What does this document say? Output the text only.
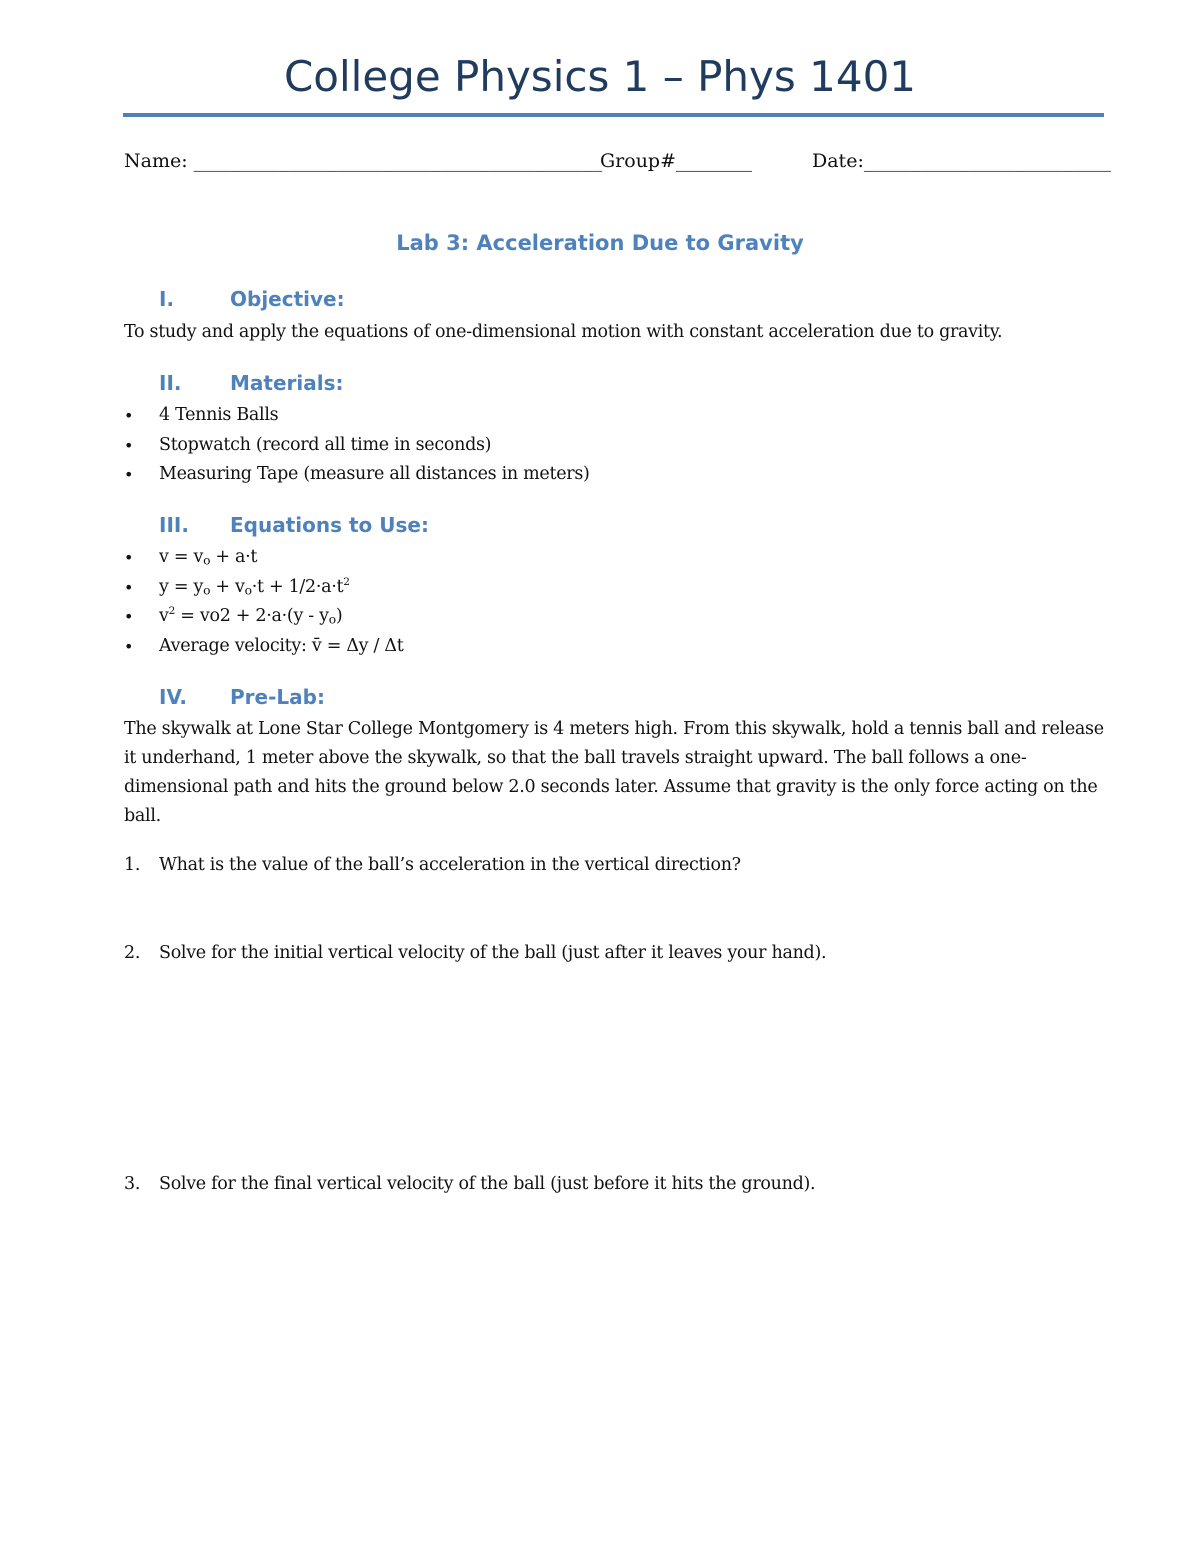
College Physics 1 – Phys 1401
Name: ___________________________________________
Group#________	Date:__________________________
Lab 3: Acceleration Due to Gravity
I.	Objective:

To study and apply the equations of one-dimensional motion with constant acceleration due to gravity.

II. Materials:
• 4 Tennis Balls
• Stopwatch (record all time in seconds)
• Measuring Tape (measure all distances in meters)
III. Equations to Use:
• $v = v_o + a\cdot t$
• $y = y_o + v_o\cdot t + 1/2\cdot a\cdot t^2$
• $v^2 = vo2 + 2\cdot a\cdot(y - y_o)$
• Average velocity: v̄ = Δy / Δt
IV. Pre-Lab:

The skywalk at Lone Star College Montgomery is 4 meters high. From this skywalk, hold a tennis ball and release it underhand, 1 meter above the skywalk, so that the ball travels straight upward. The ball follows a one-dimensional path and hits the ground below 2.0 seconds later. Assume that gravity is the only force acting on the ball.

1. What is the value of the ball’s acceleration in the vertical direction?
2. Solve for the initial vertical velocity of the ball (just after it leaves your hand).
3. Solve for the final vertical velocity of the ball (just before it hits the ground).
